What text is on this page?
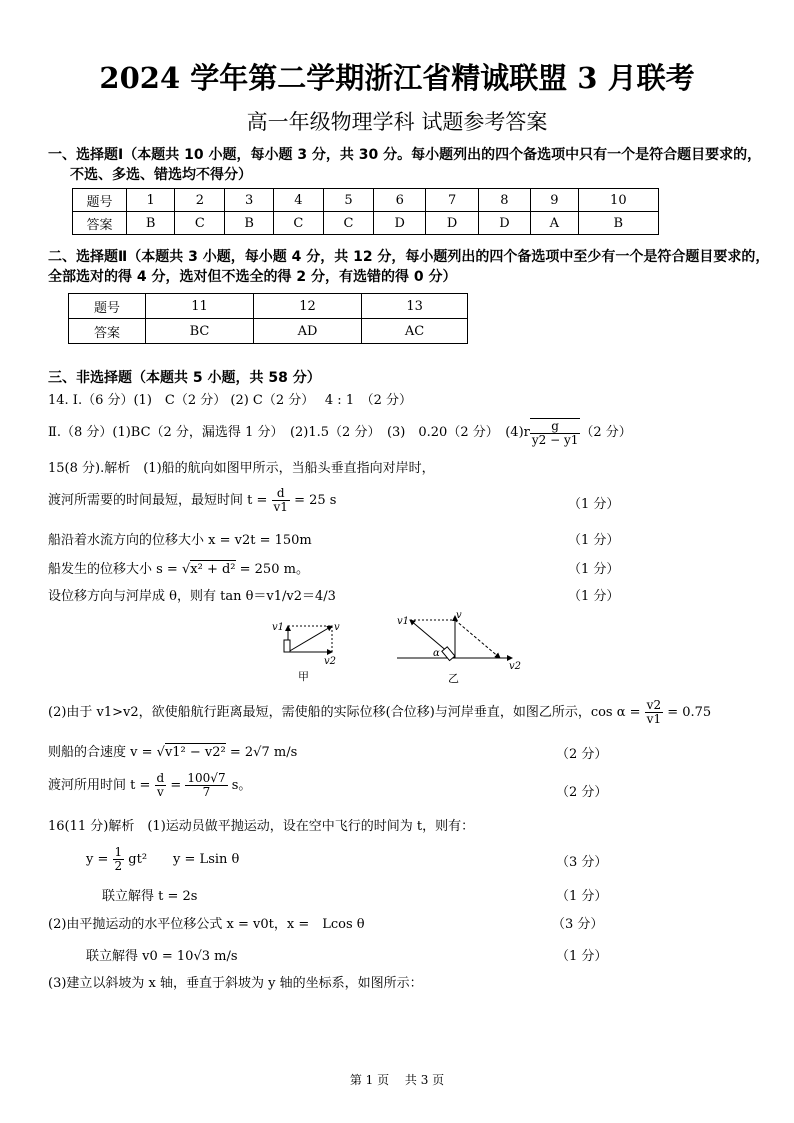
2024 学年第二学期浙江省精诚联盟 3 月联考
高一年级物理学科 试题参考答案
一、选择题Ⅰ（本题共 10 小题，每小题 3 分，共 30 分。每小题列出的四个备选项中只有一个是符合题目要求的，
不选、多选、错选均不得分）
题号	1	2	3	4	5	6	7	8	9	10
答案	B	C	B	C	C	D	D	D	A	B
二、选择题Ⅱ（本题共 3 小题，每小题 4 分，共 12 分，每小题列出的四个备选项中至少有一个是符合题目要求的，
全部选对的得 4 分，选对但不选全的得 2 分，有选错的得 0 分）
题号	11	12	13
答案	BC	AD	AC
三、非选择题（本题共 5 小题，共 58 分）
14. Ⅰ.（6 分）(1)　C（2 分） (2) C（2 分）　 4 : 1　（2 分）
Ⅱ.（8 分）(1)BC（2 分，漏选得 1 分）　(2)1.5（2 分）　(3)　0.20（2 分）　$(4)r \frac{g}{y2 - y1} (2$ 分）
15(8 分).解析　(1)船的航向如图甲所示，当船头垂直指向对岸时，
渡河所需要的时间最短，最短时间 $t = \frac{d}{v1} = 25$ s	（1 分）
船沿着水流方向的位移大小 x = v2t = 150m	（1 分）
船发生的位移大小 s = √x² + d² = 250 m。	（1 分）
设位移方向与河岸成 θ，则有 tan θ＝v1/v2＝4/3	（1 分）
v1	v
v2
甲
v1
v
α
v2
乙
(2)由于 v1>v2，欲使船航行距离最短，需使船的实际位移(合位移)与河岸垂直，如图乙所示，$\cos \alpha = \frac{v2}{v1} = 0.75$
则船的合速度 v = √v1² − v2² = 2√7 m/s	（2 分）
渡河所用时间 $t = \frac{d}{v} = \frac{100√7}{7}$ s。	（2 分）
16(11 分)解析　(1)运动员做平抛运动，设在空中飞行的时间为 t，则有：
$y = \frac{1}{2} gt^2$　　y = Lsin θ	（3 分）
联立解得 t = 2s	（1 分）
(2)由平抛运动的水平位移公式 x = v0t，x =　Lcos θ	（3 分）
联立解得 v0 = 10√3 m/s	（1 分）
(3)建立以斜坡为 x 轴，垂直于斜坡为 y 轴的坐标系，如图所示：
第 1 页　 共 3 页
